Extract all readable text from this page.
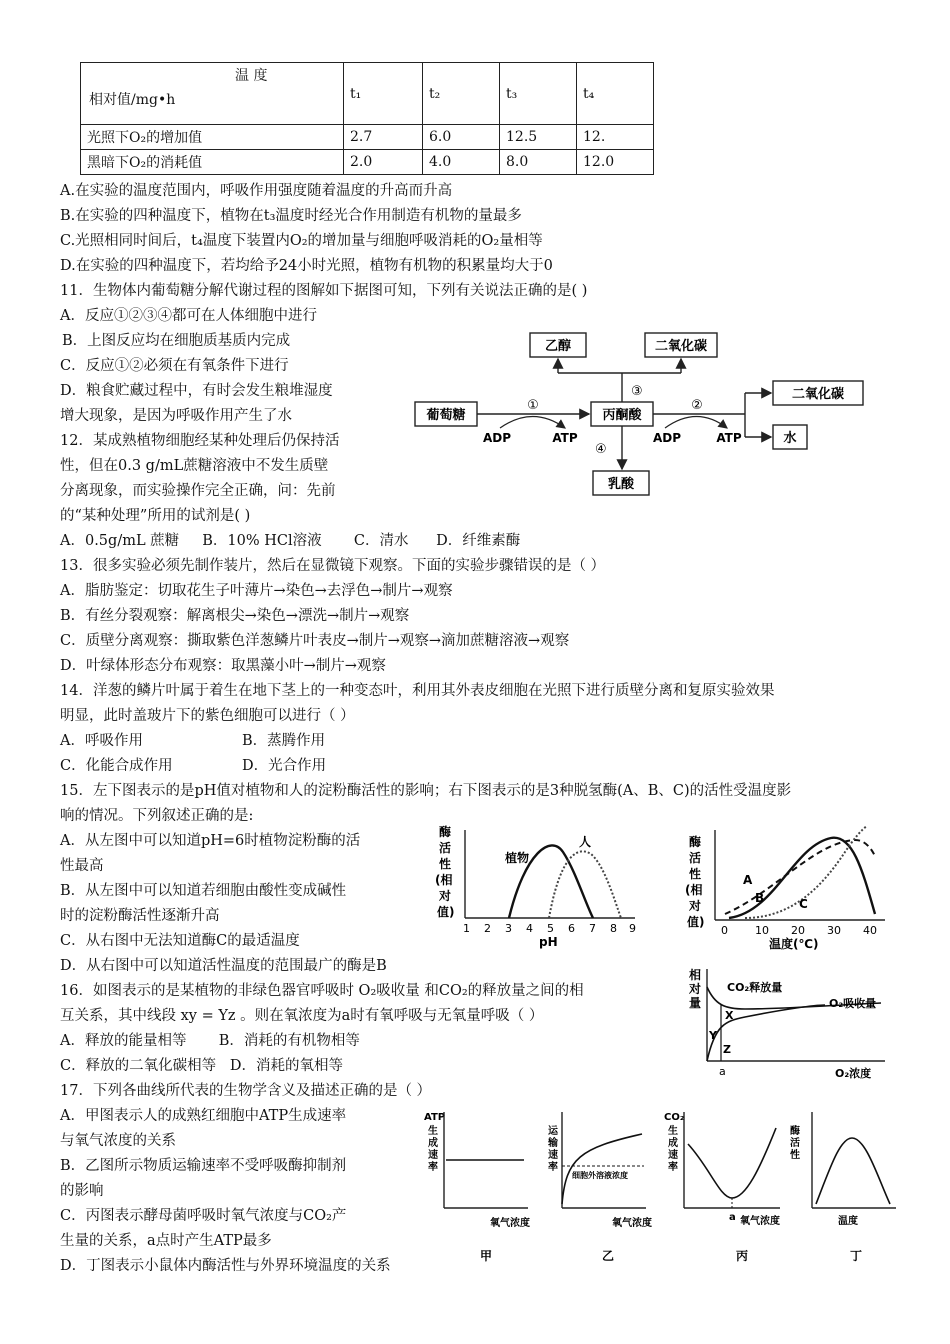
温 度
相对值/mg•h	t₁	t₂	t₃	t₄
光照下O₂的增加值	2.7	6.0	12.5	12.
黑暗下O₂的消耗值	2.0	4.0	8.0	12.0
A.在实验的温度范围内，呼吸作用强度随着温度的升高而升高
B.在实验的四种温度下，植物在t₃温度时经光合作用制造有机物的量最多
C.光照相同时间后，t₄温度下装置内O₂的增加量与细胞呼吸消耗的O₂量相等
D.在实验的四种温度下，若均给予24小时光照，植物有机物的积累量均大于0
11．生物体内葡萄糖分解代谢过程的图解如下据图可知，下列有关说法正确的是( )
A．反应①②③④都可在人体细胞中进行
B．上图反应均在细胞质基质内完成
C．反应①②必须在有氧条件下进行
D．粮食贮藏过程中，有时会发生粮堆湿度
增大现象，是因为呼吸作用产生了水	葡萄糖	丙酮酸
乙醇	二氧化碳
二氧化碳
水
乳酸
①
ADP	ATP
②
ADP	ATP
③
④
12．某成熟植物细胞经某种处理后仍保持活
性，但在0.3 g/mL蔗糖溶液中不发生质壁
分离现象，而实验操作完全正确，问：先前
的“某种处理”所用的试剂是( )
A．0.5g/mL 蔗糖     B．10% HCl溶液       C．清水      D．纤维素酶
13．很多实验必须先制作装片，然后在显微镜下观察。下面的实验步骤错误的是（ ）
A．脂肪鉴定：切取花生子叶薄片→染色→去浮色→制片→观察
B．有丝分裂观察：解离根尖→染色→漂洗→制片→观察
C．质壁分离观察：撕取紫色洋葱鳞片叶表皮→制片→观察→滴加蔗糖溶液→观察
D．叶绿体形态分布观察：取黑藻小叶→制片→观察
14．洋葱的鳞片叶属于着生在地下茎上的一种变态叶，利用其外表皮细胞在光照下进行质壁分离和复原实验效果
明显，此时盖玻片下的紫色细胞可以进行（ ）
A．呼吸作用	B．蒸腾作用
C．化能合成作用	D．光合作用
15．左下图表示的是pH值对植物和人的淀粉酶活性的影响；右下图表示的是3种脱氢酶(A、B、C)的活性受温度影
响的情况。下列叙述正确的是:
A．从左图中可以知道pH=6时植物淀粉酶的活
性最高
B．从左图中可以知道若细胞由酸性变成碱性
时的淀粉酶活性逐渐升高
C．从右图中无法知道酶C的最适温度
D．从右图中可以知道活性温度的范围最广的酶是B
酶
活
性
(相
对
值)
1 2 3 4 5 6 7 8 9
pH
植物
人	酶
活
性
(相
对
值)
0 10 20 30 40
温度(℃)
A
B	C
16．如图表示的是某植物的非绿色器官呼吸时 O₂吸收量 和CO₂的释放量之间的相
互关系，其中线段 xy = Yz 。则在氧浓度为a时有氧呼吸与无氧量呼吸（ ）
A．释放的能量相等       B．消耗的有机物相等
C．释放的二氧化碳相等   D．消耗的氧相等
相
对
量
CO₂释放量
O₂吸收量
X
Y
Z
a	O₂浓度
17．下列各曲线所代表的生物学含义及描述正确的是（ ）
A．甲图表示人的成熟红细胞中ATP生成速率
与氧气浓度的关系
B．乙图所示物质运输速率不受呼吸酶抑制剂
的影响
C．丙图表示酵母菌呼吸时氧气浓度与CO₂产
生量的关系，a点时产生ATP最多
D．丁图表示小鼠体内酶活性与外界环境温度的关系
ATP
生
成
速
率
氧气浓度
甲
运
输
速
率
细胞外溶液浓度
氧气浓度
乙
CO₂
生
成
速
率
a 氧气浓度
丙
酶
活
性
温度
丁
